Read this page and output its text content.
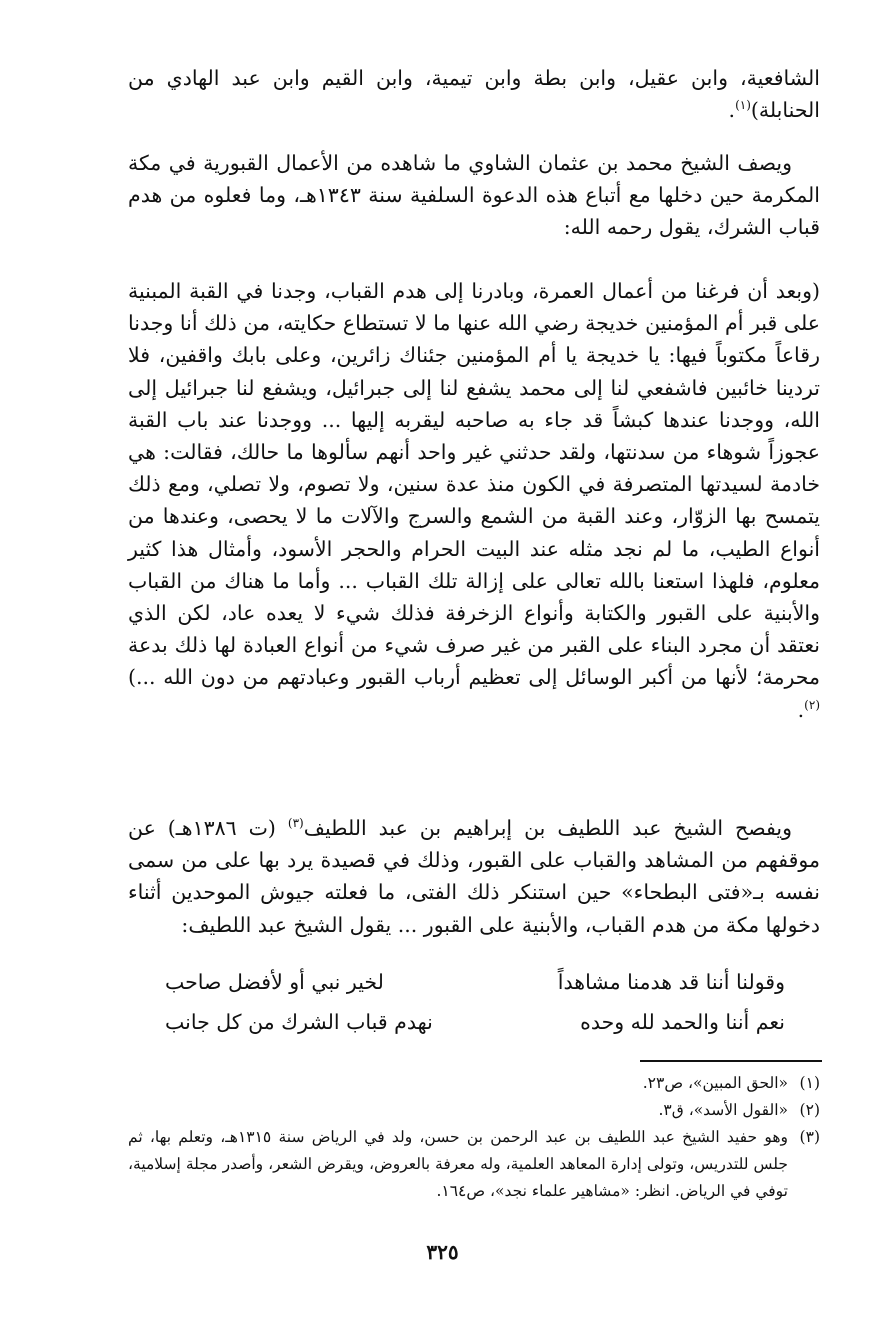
الشافعية، وابن عقيل، وابن بطة وابن تيمية، وابن القيم وابن عبد الهادي من الحنابلة)$^{(١)}$.

ويصف الشيخ محمد بن عثمان الشاوي ما شاهده من الأعمال القبورية في مكة المكرمة حين دخلها مع أتباع هذه الدعوة السلفية سنة ١٣٤٣هـ، وما فعلوه من هدم قباب الشرك، يقول رحمه الله:

(وبعد أن فرغنا من أعمال العمرة، وبادرنا إلى هدم القباب، وجدنا في القبة المبنية على قبر أم المؤمنين خديجة رضي الله عنها ما لا تستطاع حكايته، من ذلك أنا وجدنا رقاعاً مكتوباً فيها: يا خديجة يا أم المؤمنين جئناك زائرين، وعلى بابك واقفين، فلا تردينا خائبين فاشفعي لنا إلى محمد يشفع لنا إلى جبرائيل، ويشفع لنا جبرائيل إلى الله، ووجدنا عندها كبشاً قد جاء به صاحبه ليقربه إليها ... ووجدنا عند باب القبة عجوزاً شوهاء من سدنتها، ولقد حدثني غير واحد أنهم سألوها ما حالك، فقالت: هي خادمة لسيدتها المتصرفة في الكون منذ عدة سنين، ولا تصوم، ولا تصلي، ومع ذلك يتمسح بها الزوّار، وعند القبة من الشمع والسرج والآلات ما لا يحصى، وعندها من أنواع الطيب، ما لم نجد مثله عند البيت الحرام والحجر الأسود، وأمثال هذا كثير معلوم، فلهذا استعنا بالله تعالى على إزالة تلك القباب ... وأما ما هناك من القباب والأبنية على القبور والكتابة وأنواع الزخرفة فذلك شيء لا يعده عاد، لكن الذي نعتقد أن مجرد البناء على القبر من غير صرف شيء من أنواع العبادة لها ذلك بدعة محرمة؛ لأنها من أكبر الوسائل إلى تعظيم أرباب القبور وعبادتهم من دون الله ...)$^{(٢)}$.

ويفصح الشيخ عبد اللطيف بن إبراهيم بن عبد اللطيف$^{(٣)}$ (ت ١٣٨٦هـ) عن موقفهم من المشاهد والقباب على القبور، وذلك في قصيدة يرد بها على من سمى نفسه بـ«فتى البطحاء» حين استنكر ذلك الفتى، ما فعلته جيوش الموحدين أثناء دخولها مكة من هدم القباب، والأبنية على القبور ... يقول الشيخ عبد اللطيف:

وقولنا أننا قد هدمنا مشاهداً
لخير نبي أو لأفضل صاحب
نعم أننا والحمد لله وحده
نهدم قباب الشرك من كل جانب
(١)
«الحق المبين»، ص٢٣.
(٢)
«القول الأسد»، ق٣.
(٣)
وهو حفيد الشيخ عبد اللطيف بن عبد الرحمن بن حسن، ولد في الرياض سنة ١٣١٥هـ، وتعلم بها، ثم جلس للتدريس، وتولى إدارة المعاهد العلمية، وله معرفة بالعروض، ويقرض الشعر، وأصدر مجلة إسلامية، توفي في الرياض. انظر: «مشاهير علماء نجد»، ص١٦٤.
٣٢٥
